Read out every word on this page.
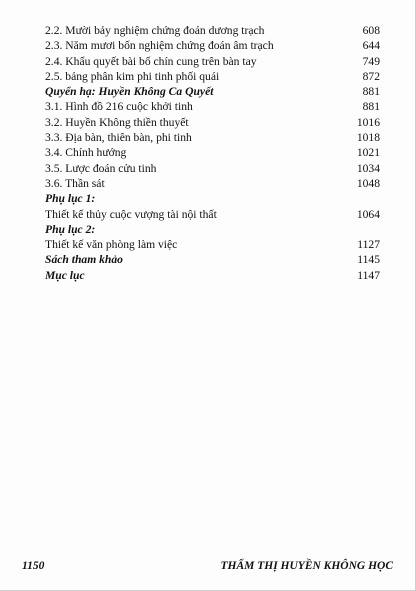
2.2. Mười bảy nghiệm chứng đoán dương trạch	608
2.3. Năm mươi bốn nghiệm chứng đoán âm trạch	644
2.4. Khẩu quyết bài bố chín cung trên bàn tay	749
2.5. bảng phân kim phi tinh phối quái	872
Quyển hạ: Huyền Không Ca Quyết	881
3.1. Hình đồ 216 cuộc khởi tinh	881
3.2. Huyền Không thiền thuyết	1016
3.3. Địa bàn, thiên bàn, phi tinh	1018
3.4. Chính hướng	1021
3.5. Lược đoán cửu tinh	1034
3.6. Thần sát	1048
Phụ lục 1:
Thiết kế thủy cuộc vượng tài nội thất	1064
Phụ lục 2:
Thiết kế văn phòng làm việc	1127
Sách tham khảo	1145
Mục lục	1147
1150	THẨM THỊ HUYỀN KHÔNG HỌC
